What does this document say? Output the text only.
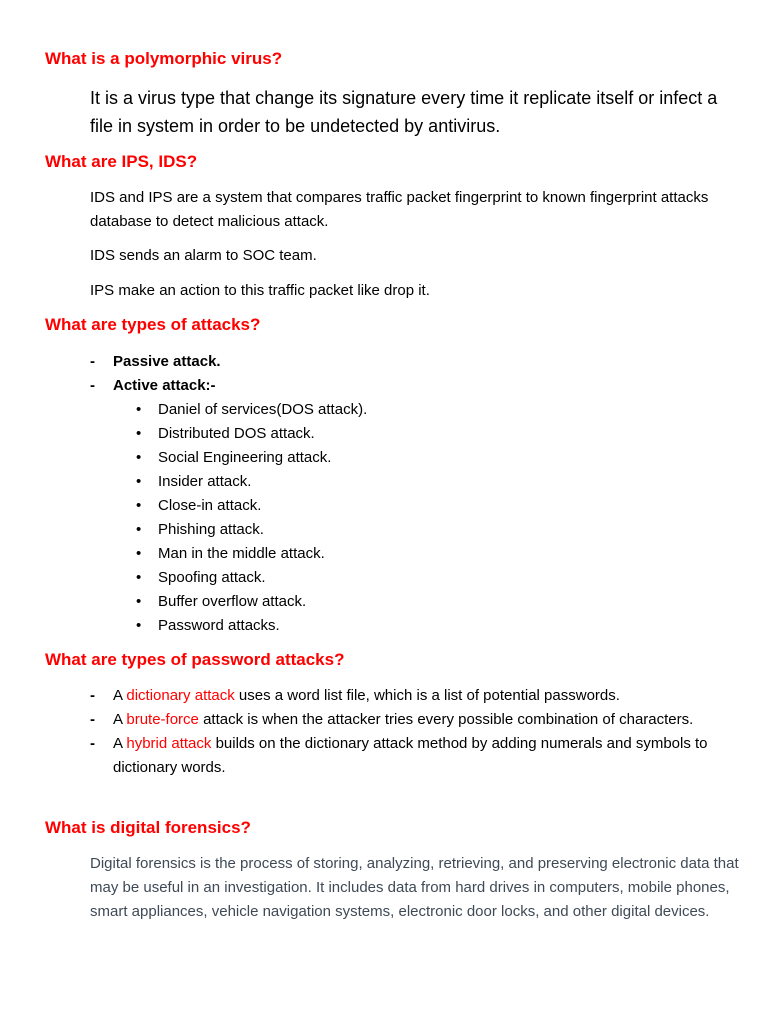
What is a polymorphic virus?

It is a virus type that change its signature every time it replicate itself or infect a file in system in order to be undetected by antivirus.

What are IPS, IDS?

IDS and IPS are a system that compares traffic packet fingerprint to known fingerprint attacks database to detect malicious attack.

IDS sends an alarm to SOC team.

IPS make an action to this traffic packet like drop it.

What are types of attacks?
- Passive attack.
- Active attack:-
• Daniel of services(DOS attack).
• Distributed DOS attack.
• Social Engineering attack.
• Insider attack.
• Close-in attack.
• Phishing attack.
• Man in the middle attack.
• Spoofing attack.
• Buffer overflow attack.
• Password attacks.
What are types of password attacks?
- A dictionary attack uses a word list file, which is a list of potential passwords.
- A brute-force attack is when the attacker tries every possible combination of characters.
- A hybrid attack builds on the dictionary attack method by adding numerals and symbols to dictionary words.
What is digital forensics?

Digital forensics is the process of storing, analyzing, retrieving, and preserving electronic data that may be useful in an investigation. It includes data from hard drives in computers, mobile phones, smart appliances, vehicle navigation systems, electronic door locks, and other digital devices.
